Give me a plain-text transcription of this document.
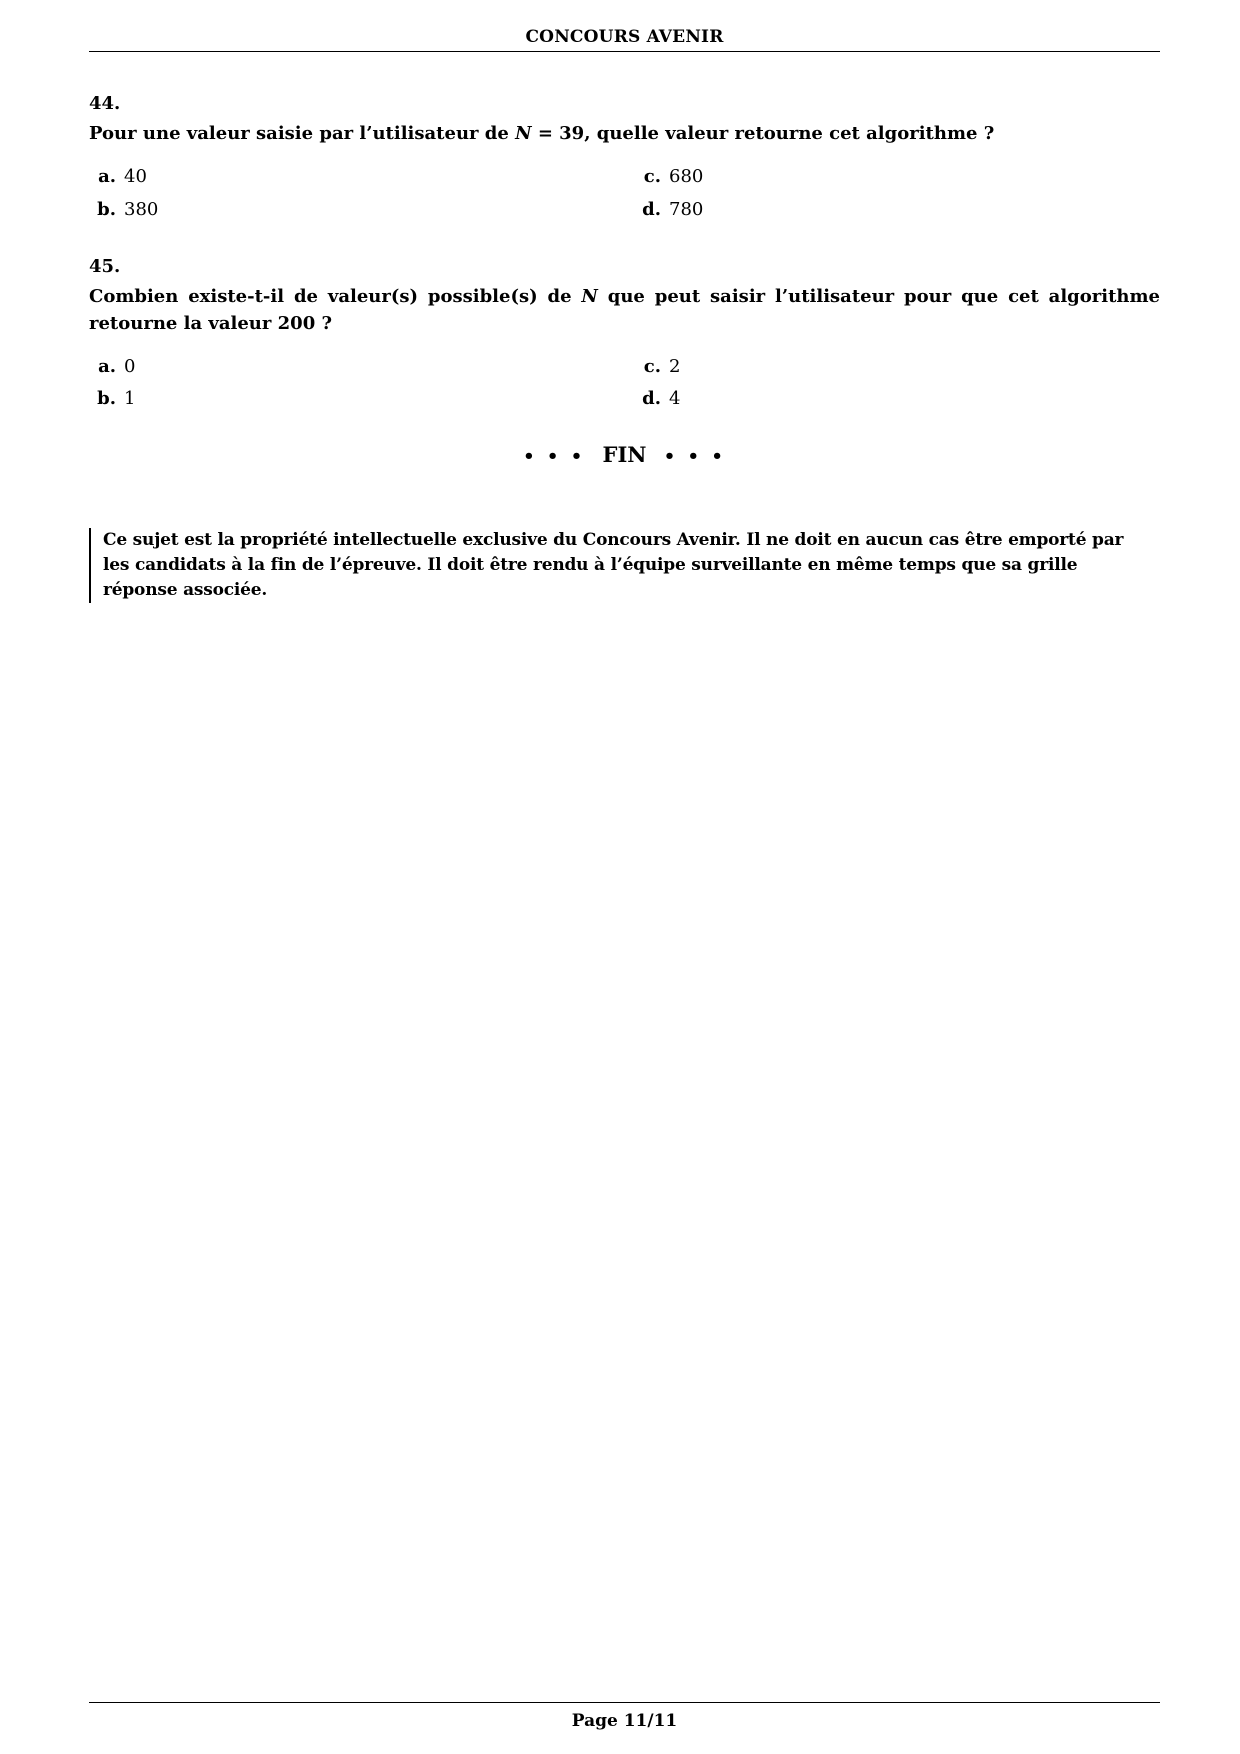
CONCOURS AVENIR
44.
Pour une valeur saisie par l’utilisateur de N = 39, quelle valeur retourne cet algorithme ?
a. 40
b. 380
c. 680
d. 780
45.
Combien existe-t-il de valeur(s) possible(s) de N que peut saisir l’utilisateur pour que cet algorithme retourne la valeur 200 ?
a. 0
b. 1
c. 2
d. 4
• • • FIN • • •
Ce sujet est la propriété intellectuelle exclusive du Concours Avenir. Il ne doit en aucun cas être emporté par les candidats à la fin de l’épreuve. Il doit être rendu à l’équipe surveillante en même temps que sa grille réponse associée.
Page 11/11
